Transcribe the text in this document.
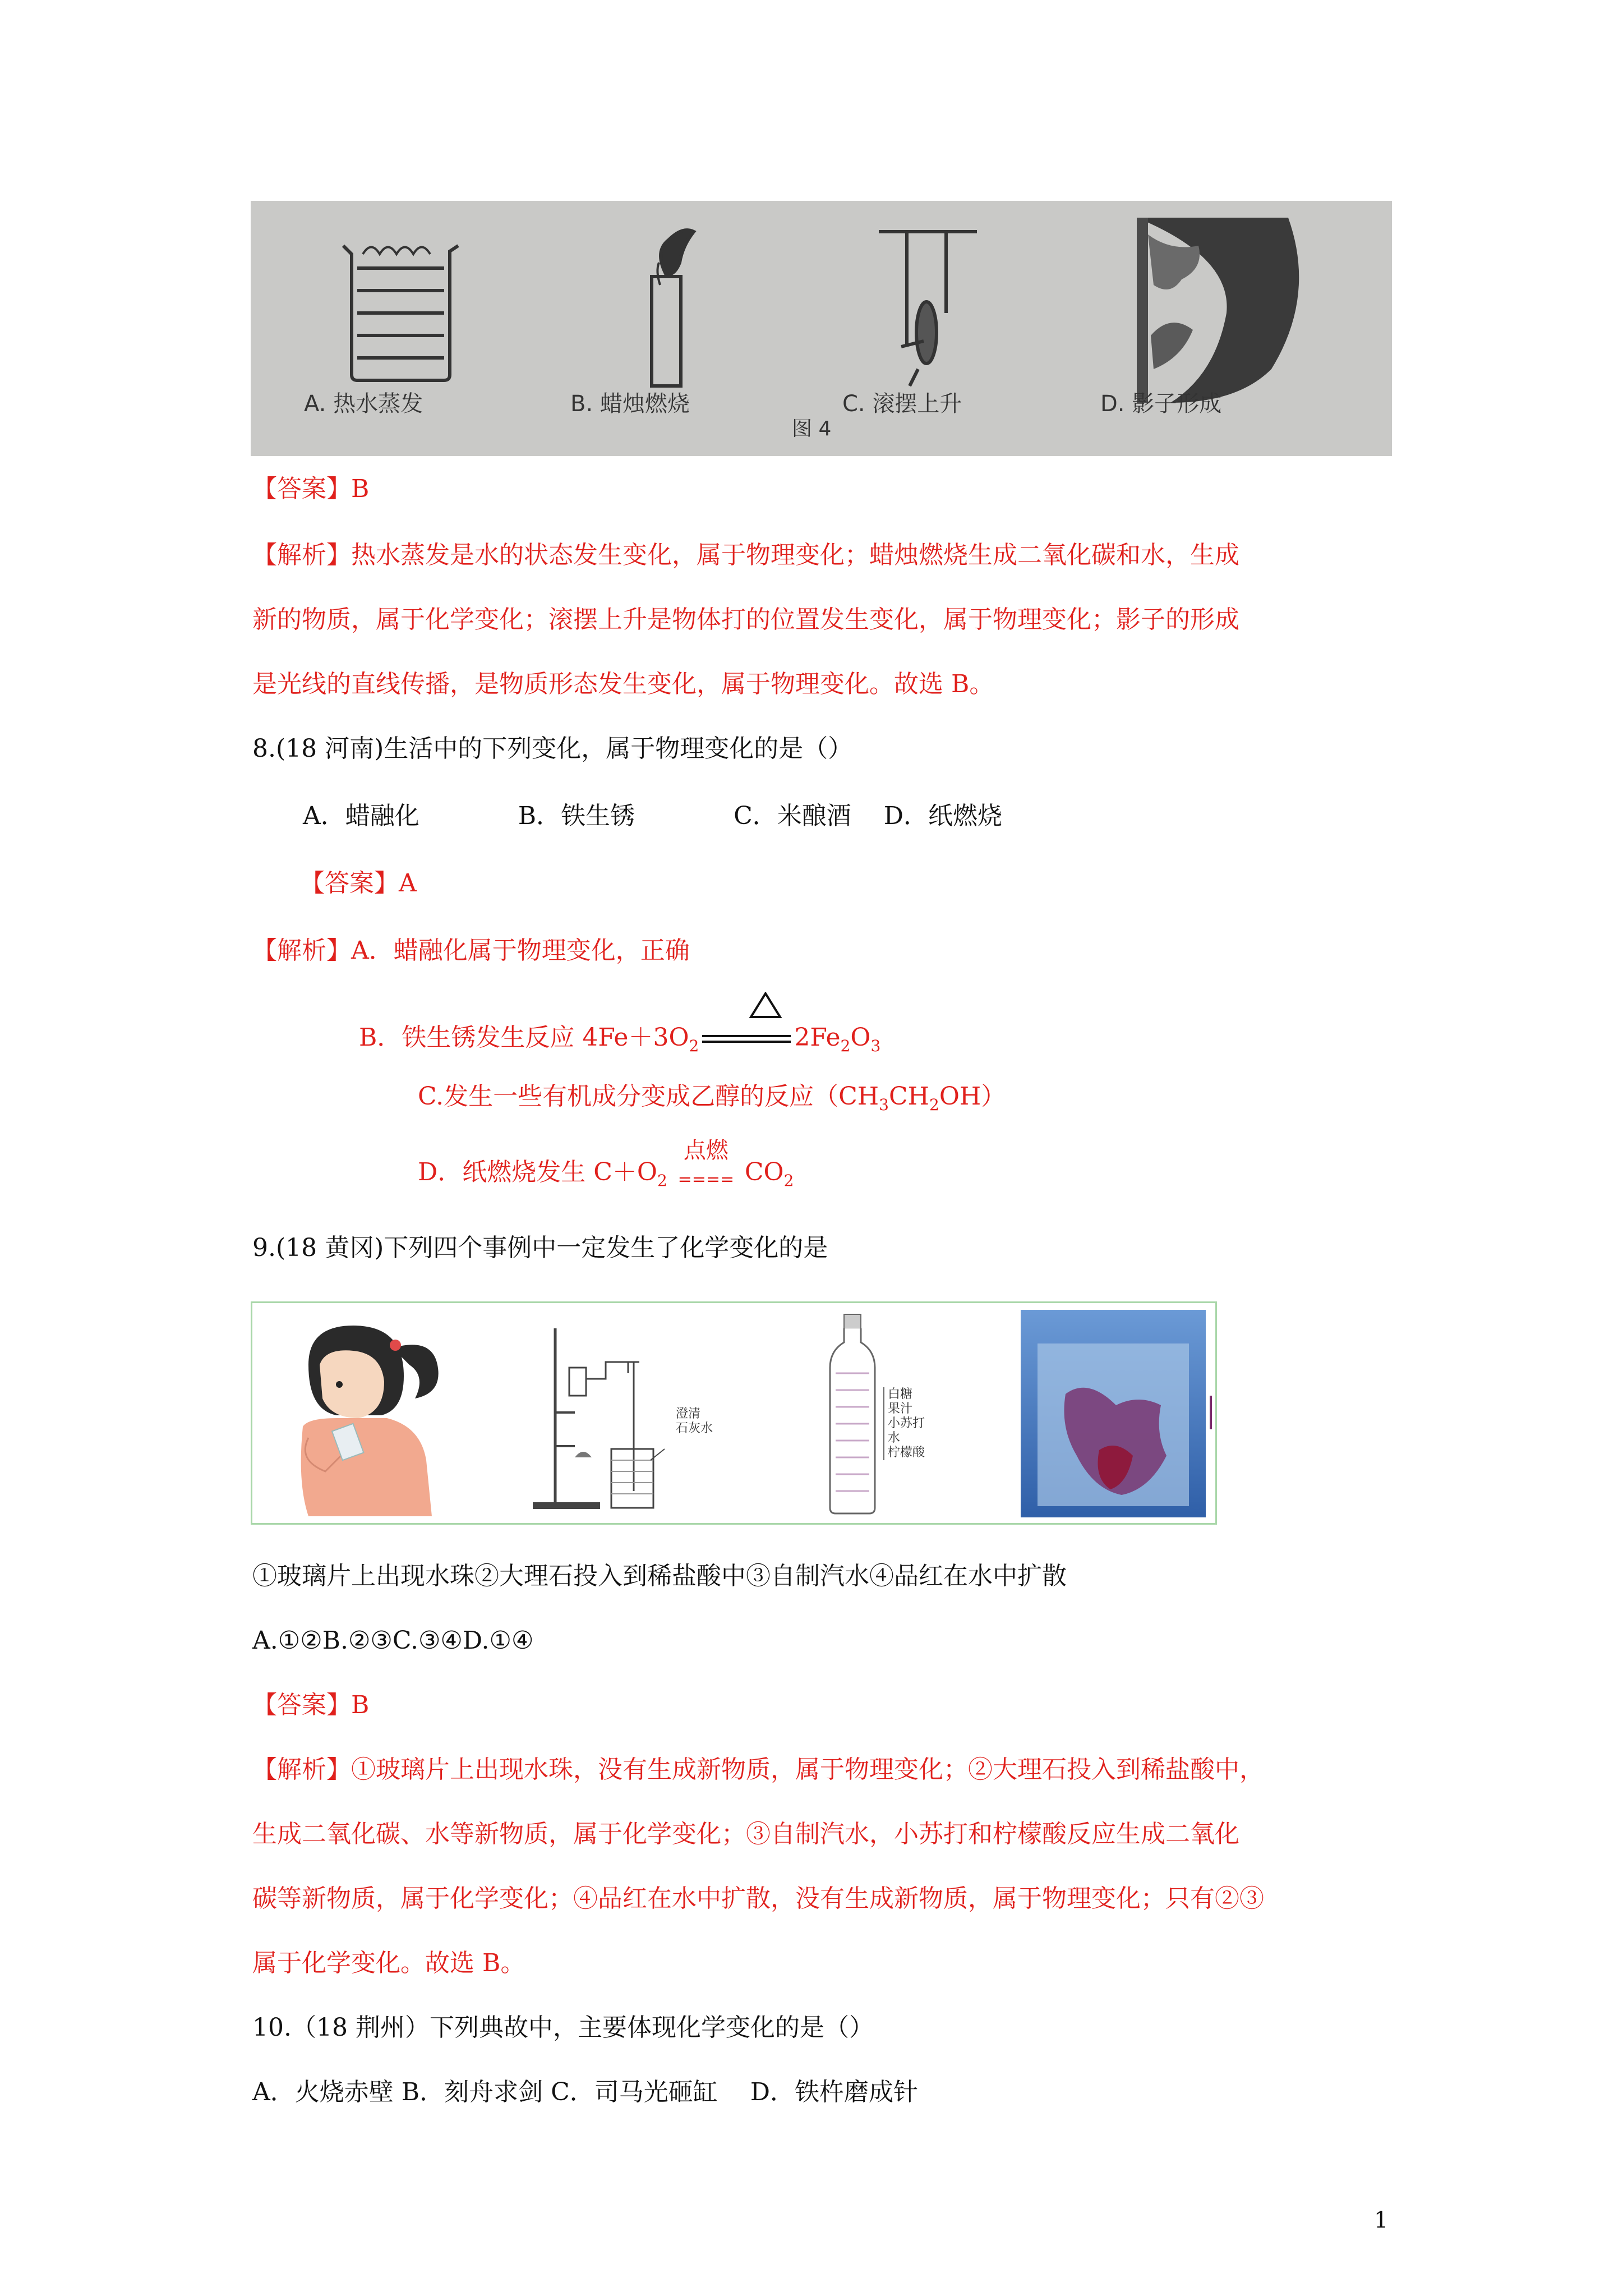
A. 热水蒸发	B. 蜡烛燃烧	C. 滚摆上升	D. 影子形成
图 4
【答案】B
【解析】热水蒸发是水的状态发生变化，属于物理变化；蜡烛燃烧生成二氧化碳和水，生成
新的物质，属于化学变化；滚摆上升是物体打的位置发生变化，属于物理变化；影子的形成
是光线的直线传播，是物质形态发生变化，属于物理变化。故选 B。
8.(18 河南)生活中的下列变化，属于物理变化的是（）
A．蜡融化　　　　B．铁生锈　　　　C．米酿酒　 D．纸燃烧
【答案】A
【解析】A．蜡融化属于物理变化，正确
B．铁生锈发生反应 $4Fe+3O_2$	$2Fe_2O_3$
C.发生一些有机成分变成乙醇的反应$(CH_3CH_2OH)$
D．纸燃烧发生 $C+O_2$
点燃
==== $CO_2$
9.(18 黄冈)下列四个事例中一定发生了化学变化的是
澄清
石灰水
白糖
果汁
小苏打
水
柠檬酸
①玻璃片上出现水珠②大理石投入到稀盐酸中③自制汽水④品红在水中扩散
A.①②B.②③C.③④D.①④
【答案】B
【解析】①玻璃片上出现水珠，没有生成新物质，属于物理变化；②大理石投入到稀盐酸中，
生成二氧化碳、水等新物质，属于化学变化；③自制汽水，小苏打和柠檬酸反应生成二氧化
碳等新物质，属于化学变化；④品红在水中扩散，没有生成新物质，属于物理变化；只有②③
属于化学变化。故选 B。
10.（18 荆州）下列典故中，主要体现化学变化的是（）
A．火烧赤壁 B．刻舟求剑 C．司马光砸缸　 D．铁杵磨成针
1
